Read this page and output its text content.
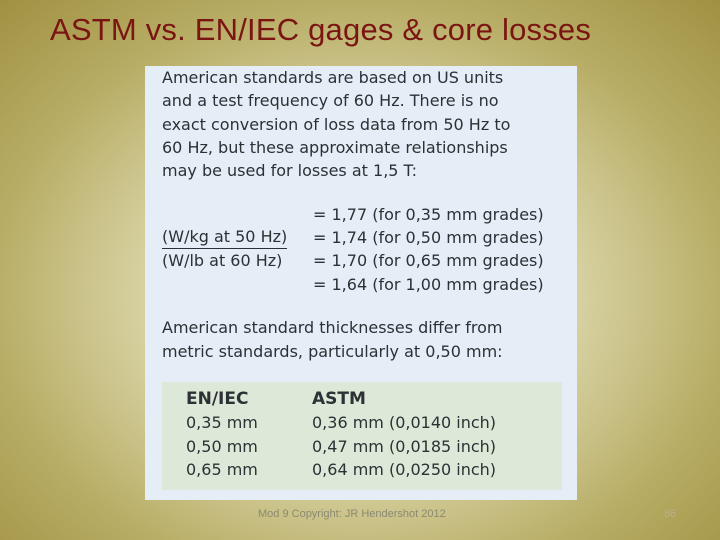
ASTM vs. EN/IEC gages & core losses
American standards are based on US units
and a test frequency of 60 Hz. There is no
exact conversion of loss data from 50 Hz to
60 Hz, but these approximate relationships
may be used for losses at 1,5 T:
$\frac{\text{(W/kg at 50 Hz)}}{\text{(W/lb at 60 Hz)}}$
= 1,77 (for 0,35 mm grades)
= 1,74 (for 0,50 mm grades)
= 1,70 (for 0,65 mm grades)
= 1,64 (for 1,00 mm grades)
American standard thicknesses differ from
metric standards, particularly at 0,50 mm:
EN/IEC
0,35 mm
0,50 mm
0,65 mm
ASTM
0,36 mm (0,0140 inch)
0,47 mm (0,0185 inch)
0,64 mm (0,0250 inch)
Mod 9 Copyright: JR Hendershot 2012	86
